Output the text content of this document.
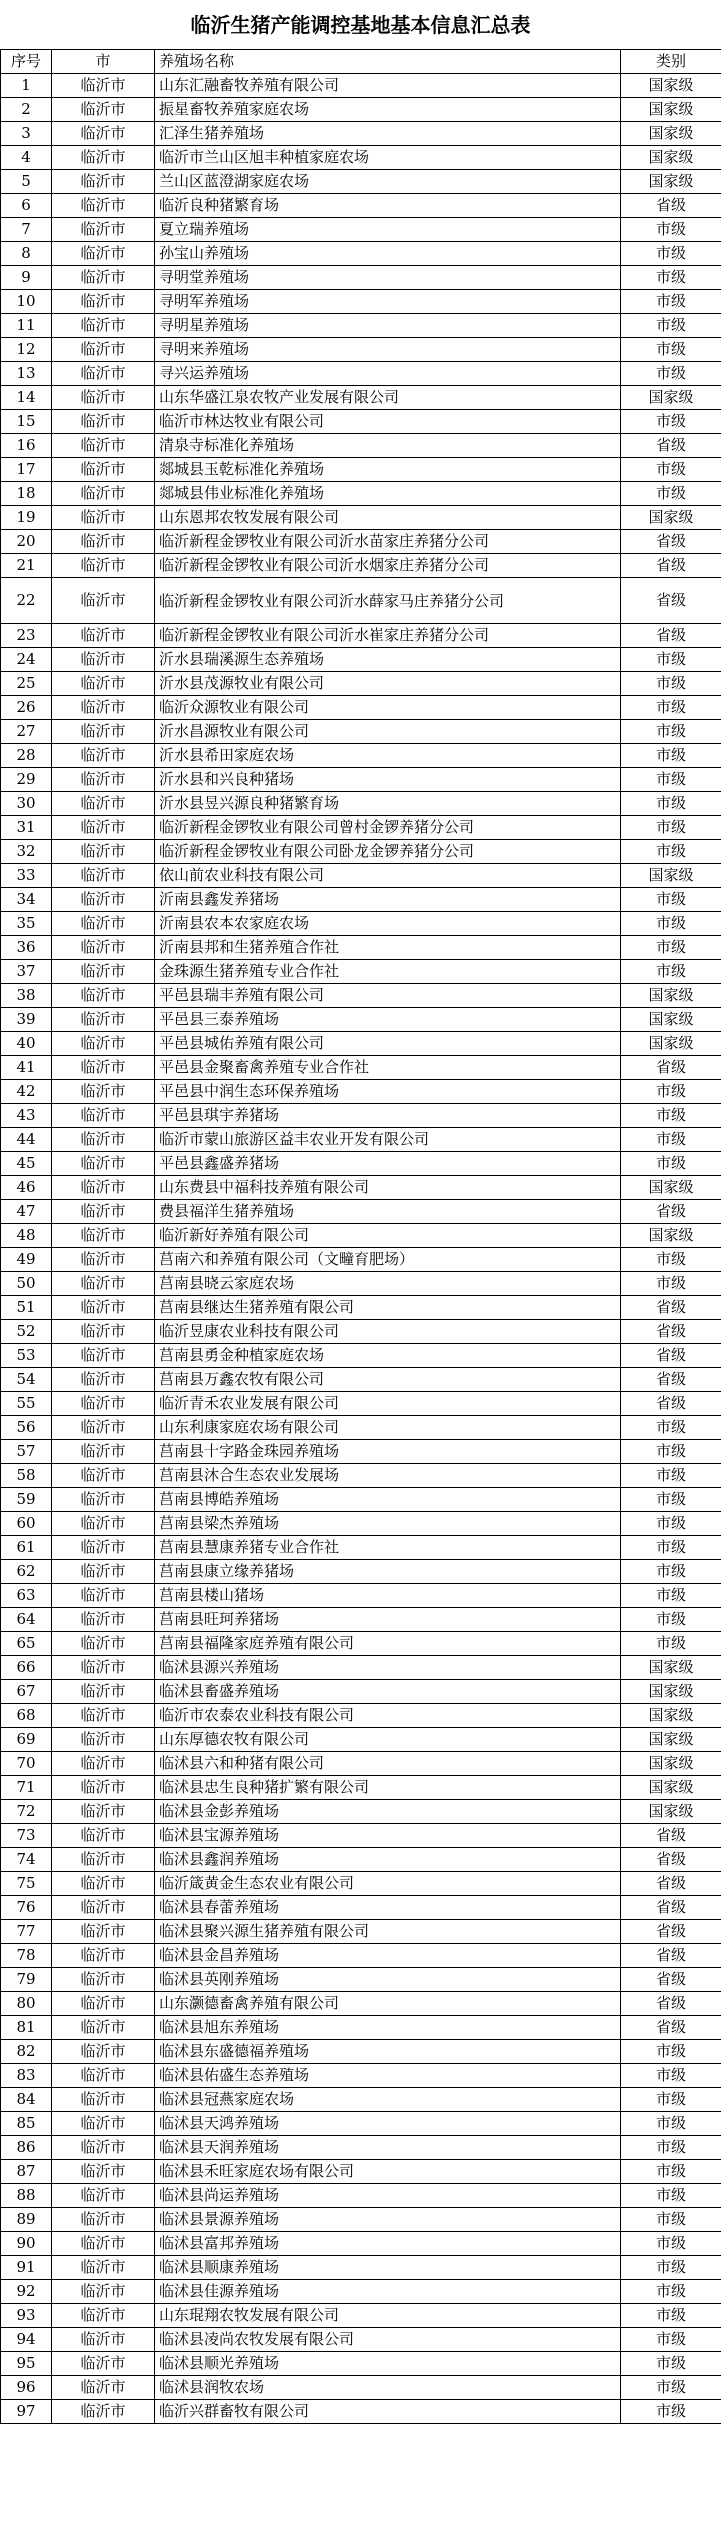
临沂生猪产能调控基地基本信息汇总表
序号	市	养殖场名称	类别
1	临沂市	山东汇融畜牧养殖有限公司	国家级
2	临沂市	振星畜牧养殖家庭农场	国家级
3	临沂市	汇泽生猪养殖场	国家级
4	临沂市	临沂市兰山区旭丰种植家庭农场	国家级
5	临沂市	兰山区蓝澄湖家庭农场	国家级
6	临沂市	临沂良种猪繁育场	省级
7	临沂市	夏立瑞养殖场	市级
8	临沂市	孙宝山养殖场	市级
9	临沂市	寻明堂养殖场	市级
10	临沂市	寻明军养殖场	市级
11	临沂市	寻明星养殖场	市级
12	临沂市	寻明来养殖场	市级
13	临沂市	寻兴运养殖场	市级
14	临沂市	山东华盛江泉农牧产业发展有限公司	国家级
15	临沂市	临沂市林达牧业有限公司	市级
16	临沂市	清泉寺标准化养殖场	省级
17	临沂市	郯城县玉乾标准化养殖场	市级
18	临沂市	郯城县伟业标准化养殖场	市级
19	临沂市	山东恩邦农牧发展有限公司	国家级
20	临沂市	临沂新程金锣牧业有限公司沂水苗家庄养猪分公司	省级
21	临沂市	临沂新程金锣牧业有限公司沂水烟家庄养猪分公司	省级
22	临沂市	临沂新程金锣牧业有限公司沂水薛家马庄养猪分公司	省级
23	临沂市	临沂新程金锣牧业有限公司沂水崔家庄养猪分公司	省级
24	临沂市	沂水县瑞溪源生态养殖场	市级
25	临沂市	沂水县茂源牧业有限公司	市级
26	临沂市	临沂众源牧业有限公司	市级
27	临沂市	沂水昌源牧业有限公司	市级
28	临沂市	沂水县希田家庭农场	市级
29	临沂市	沂水县和兴良种猪场	市级
30	临沂市	沂水县昱兴源良种猪繁育场	市级
31	临沂市	临沂新程金锣牧业有限公司曾村金锣养猪分公司	市级
32	临沂市	临沂新程金锣牧业有限公司卧龙金锣养猪分公司	市级
33	临沂市	依山前农业科技有限公司	国家级
34	临沂市	沂南县鑫发养猪场	市级
35	临沂市	沂南县农本农家庭农场	市级
36	临沂市	沂南县邦和生猪养殖合作社	市级
37	临沂市	金珠源生猪养殖专业合作社	市级
38	临沂市	平邑县瑞丰养殖有限公司	国家级
39	临沂市	平邑县三泰养殖场	国家级
40	临沂市	平邑县城佑养殖有限公司	国家级
41	临沂市	平邑县金聚畜禽养殖专业合作社	省级
42	临沂市	平邑县中润生态环保养殖场	市级
43	临沂市	平邑县琪宇养猪场	市级
44	临沂市	临沂市蒙山旅游区益丰农业开发有限公司	市级
45	临沂市	平邑县鑫盛养猪场	市级
46	临沂市	山东费县中福科技养殖有限公司	国家级
47	临沂市	费县福洋生猪养殖场	省级
48	临沂市	临沂新好养殖有限公司	国家级
49	临沂市	莒南六和养殖有限公司（文疃育肥场）	市级
50	临沂市	莒南县晓云家庭农场	市级
51	临沂市	莒南县继达生猪养殖有限公司	省级
52	临沂市	临沂昱康农业科技有限公司	省级
53	临沂市	莒南县勇金种植家庭农场	省级
54	临沂市	莒南县万鑫农牧有限公司	省级
55	临沂市	临沂青禾农业发展有限公司	省级
56	临沂市	山东利康家庭农场有限公司	市级
57	临沂市	莒南县十字路金珠园养殖场	市级
58	临沂市	莒南县沐合生态农业发展场	市级
59	临沂市	莒南县博皓养殖场	市级
60	临沂市	莒南县梁杰养殖场	市级
61	临沂市	莒南县慧康养猪专业合作社	市级
62	临沂市	莒南县康立缘养猪场	市级
63	临沂市	莒南县楼山猪场	市级
64	临沂市	莒南县旺珂养猪场	市级
65	临沂市	莒南县福隆家庭养殖有限公司	市级
66	临沂市	临沭县源兴养殖场	国家级
67	临沂市	临沭县畜盛养殖场	国家级
68	临沂市	临沂市农泰农业科技有限公司	国家级
69	临沂市	山东厚德农牧有限公司	国家级
70	临沂市	临沭县六和种猪有限公司	国家级
71	临沂市	临沭县忠生良种猪扩繁有限公司	国家级
72	临沂市	临沭县金彭养殖场	国家级
73	临沂市	临沭县宝源养殖场	省级
74	临沂市	临沭县鑫润养殖场	省级
75	临沂市	临沂箴黄金生态农业有限公司	省级
76	临沂市	临沭县春蕾养殖场	省级
77	临沂市	临沭县聚兴源生猪养殖有限公司	省级
78	临沂市	临沭县金昌养殖场	省级
79	临沂市	临沭县英刚养殖场	省级
80	临沂市	山东灏德畜禽养殖有限公司	省级
81	临沂市	临沭县旭东养殖场	省级
82	临沂市	临沭县东盛德福养殖场	市级
83	临沂市	临沭县佑盛生态养殖场	市级
84	临沂市	临沭县冠燕家庭农场	市级
85	临沂市	临沭县天鸿养殖场	市级
86	临沂市	临沭县天润养殖场	市级
87	临沂市	临沭县禾旺家庭农场有限公司	市级
88	临沂市	临沭县尚运养殖场	市级
89	临沂市	临沭县景源养殖场	市级
90	临沂市	临沭县富邦养殖场	市级
91	临沂市	临沭县顺康养殖场	市级
92	临沂市	临沭县佳源养殖场	市级
93	临沂市	山东琨翔农牧发展有限公司	市级
94	临沂市	临沭县凌尚农牧发展有限公司	市级
95	临沂市	临沭县顺光养殖场	市级
96	临沂市	临沭县润牧农场	市级
97	临沂市	临沂兴群畜牧有限公司	市级
